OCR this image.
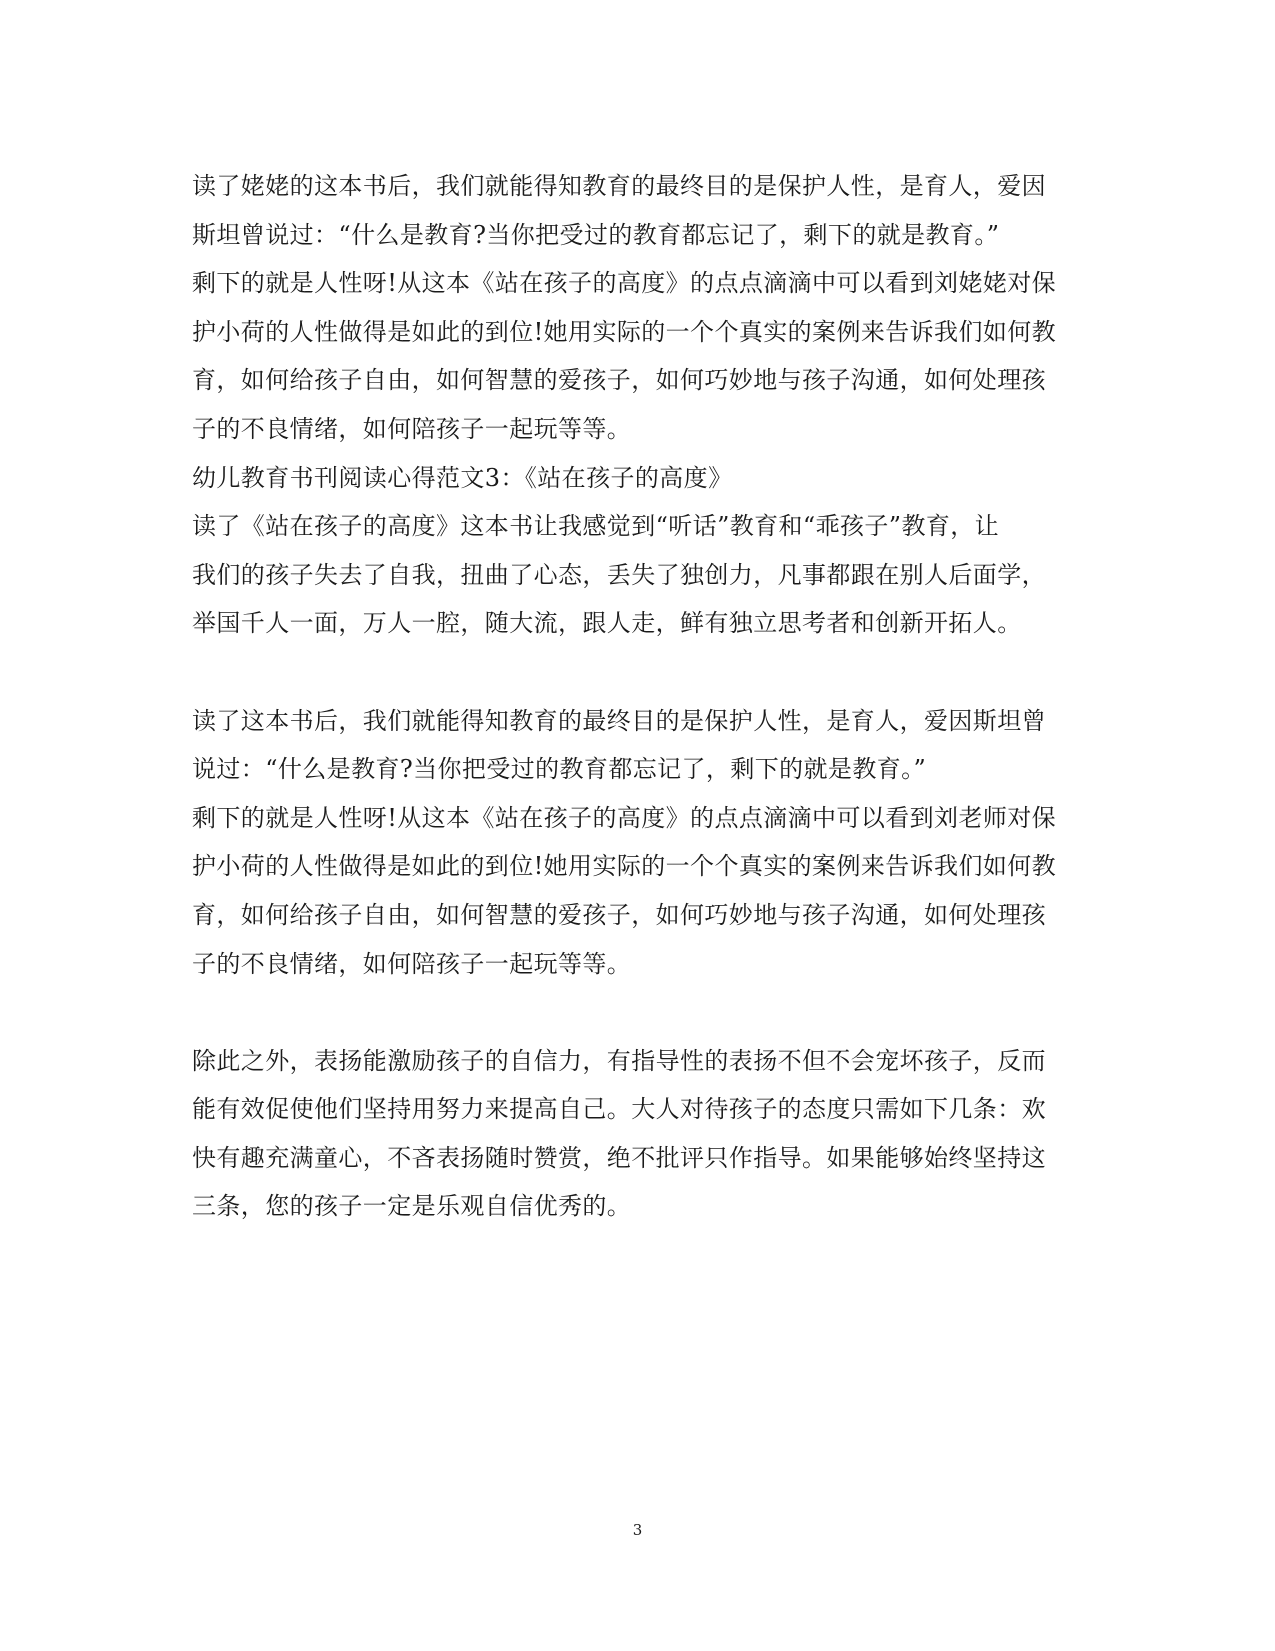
读了姥姥的这本书后，我们就能得知教育的最终目的是保护人性，是育人，爱因
斯坦曾说过：“什么是教育?当你把受过的教育都忘记了，剩下的就是教育。”
剩下的就是人性呀!从这本《站在孩子的高度》的点点滴滴中可以看到刘姥姥对保
护小荷的人性做得是如此的到位!她用实际的一个个真实的案例来告诉我们如何教
育，如何给孩子自由，如何智慧的爱孩子，如何巧妙地与孩子沟通，如何处理孩
子的不良情绪，如何陪孩子一起玩等等。
幼儿教育书刊阅读心得范文3：《站在孩子的高度》
读了《站在孩子的高度》这本书让我感觉到“听话”教育和“乖孩子”教育，让
我们的孩子失去了自我，扭曲了心态，丢失了独创力，凡事都跟在别人后面学，
举国千人一面，万人一腔，随大流，跟人走，鲜有独立思考者和创新开拓人。
读了这本书后，我们就能得知教育的最终目的是保护人性，是育人，爱因斯坦曾
说过：“什么是教育?当你把受过的教育都忘记了，剩下的就是教育。”
剩下的就是人性呀!从这本《站在孩子的高度》的点点滴滴中可以看到刘老师对保
护小荷的人性做得是如此的到位!她用实际的一个个真实的案例来告诉我们如何教
育，如何给孩子自由，如何智慧的爱孩子，如何巧妙地与孩子沟通，如何处理孩
子的不良情绪，如何陪孩子一起玩等等。
除此之外，表扬能激励孩子的自信力，有指导性的表扬不但不会宠坏孩子，反而
能有效促使他们坚持用努力来提高自己。大人对待孩子的态度只需如下几条：欢
快有趣充满童心，不吝表扬随时赞赏，绝不批评只作指导。如果能够始终坚持这
三条，您的孩子一定是乐观自信优秀的。
3
